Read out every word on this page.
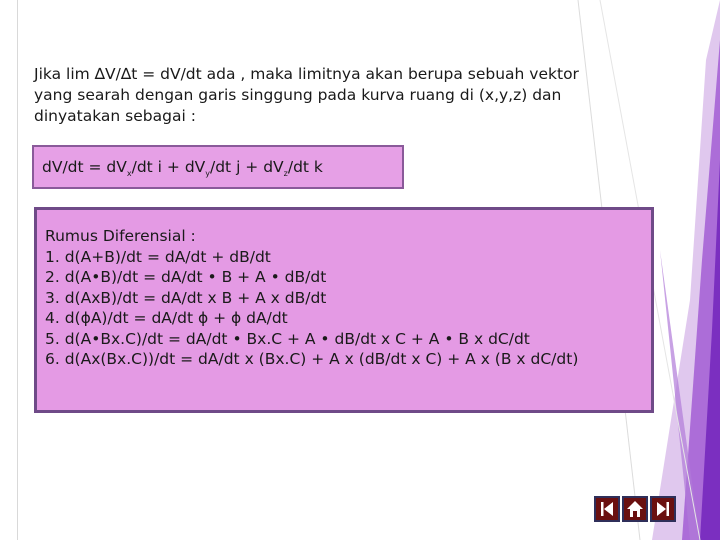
Jika lim ∆V/∆t = dV/dt ada , maka limitnya akan berupa sebuah vektor
yang searah dengan garis singgung pada kurva ruang di (x,y,z) dan
dinyatakan sebagai :
$dV/dt = dV_x/dt$ $i + dV_y/dt$ $j + dV_z/dt$ k
Rumus Diferensial :
1. d(A+B)/dt = dA/dt + dB/dt
2. d(A•B)/dt = dA/dt • B + A • dB/dt
3. d(AxB)/dt = dA/dt x B + A x dB/dt
4. d(ϕA)/dt = dA/dt ϕ + ϕ dA/dt
5. d(A•Bx.C)/dt = dA/dt • Bx.C + A • dB/dt x C + A • B x dC/dt
6. d(Ax(Bx.C))/dt = dA/dt x (Bx.C) + A x (dB/dt x C) + A x (B x dC/dt)
